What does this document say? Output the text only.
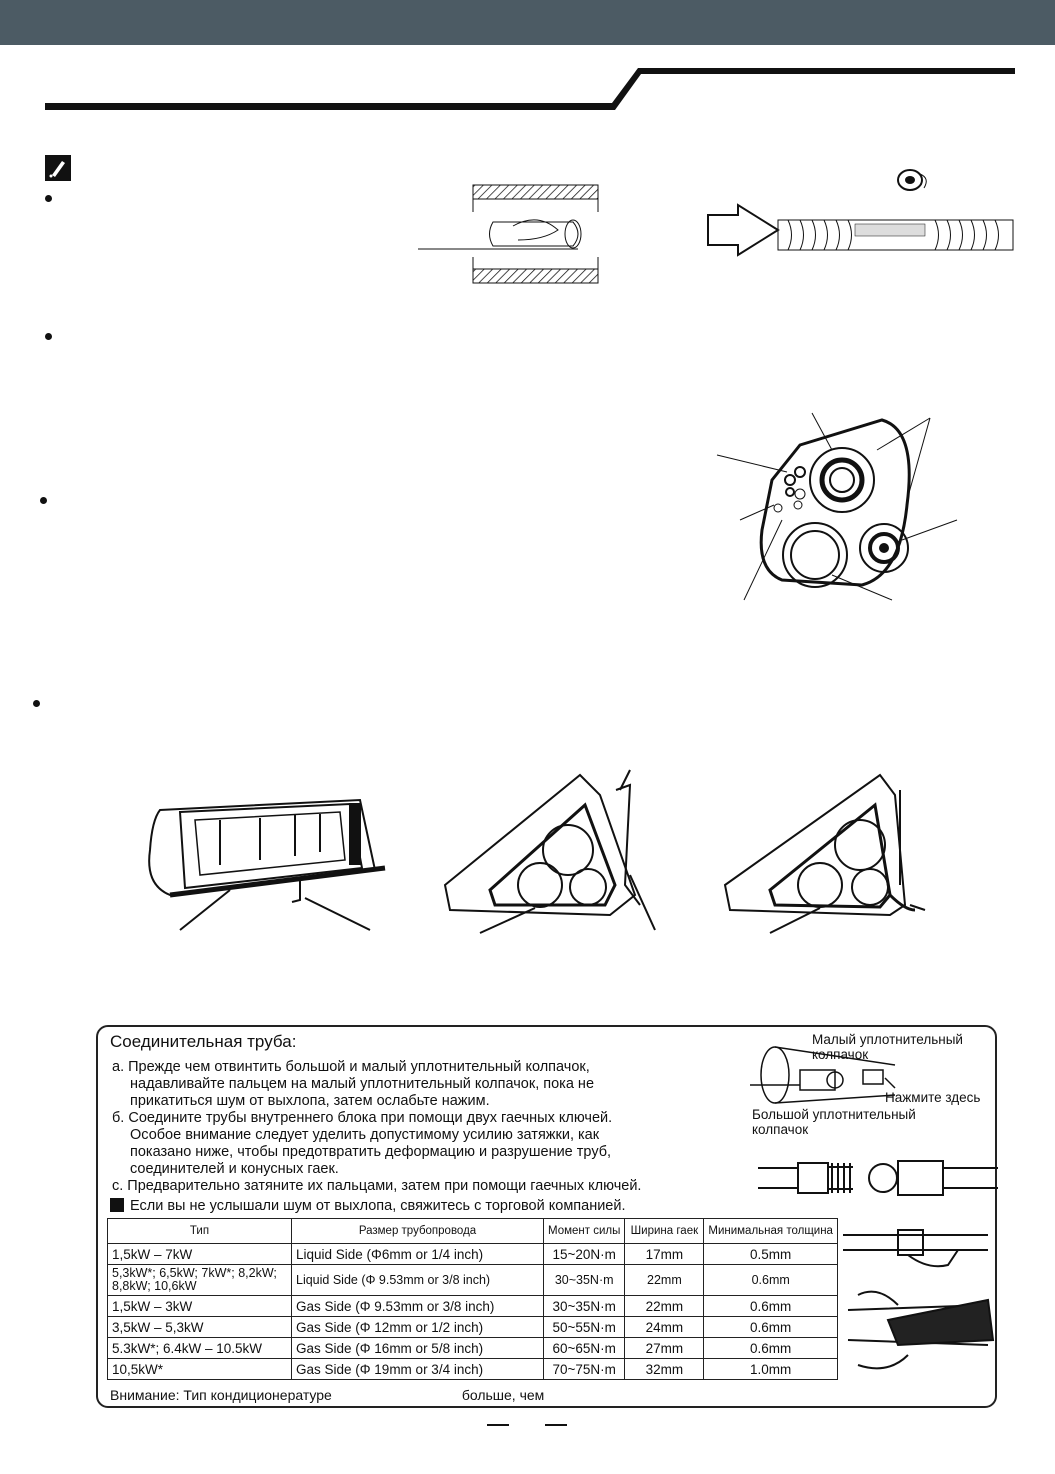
Соединительная труба:
а. Прежде чем отвинтить большой и малый уплотнительный колпачок,
надавливайте пальцем на малый уплотнительный колпачок, пока не
прикатиться шум от выхлопа, затем ослабьте нажим.
б. Соедините трубы внутреннего блока при помощи двух гаечных ключей.
Особое внимание следует уделить допустимому усилию затяжки, как
показано ниже, чтобы предотвратить деформацию и разрушение труб,
соединителей и конусных гаек.
с. Предварительно затяните их пальцами, затем при помощи гаечных ключей.
Если вы не услышали шум от выхлопа, свяжитесь с торговой компанией.
Малый уплотнительный
колпачок
Нажмите здесь
Большой уплотнительный
колпачок
Тип	Размер трубопровода	Момент силы	Ширина гаек	Минимальная толщина
1,5kW – 7kW	Liquid Side (Φ6mm or 1/4 inch)	15~20N·m	17mm	0.5mm
5,3kW*; 6,5kW; 7kW*; 8,2kW; 8,8kW; 10,6kW	Liquid Side (Φ 9.53mm or 3/8 inch)	30~35N·m	22mm	0.6mm
1,5kW – 3kW	Gas Side (Φ 9.53mm or 3/8 inch)	30~35N·m	22mm	0.6mm
3,5kW – 5,3kW	Gas Side (Φ 12mm or 1/2 inch)	50~55N·m	24mm	0.6mm
5.3kW*; 6.4kW – 10.5kW	Gas Side (Φ 16mm or 5/8 inch)	60~65N·m	27mm	0.6mm
10,5kW*	Gas Side (Φ 19mm or 3/4 inch)	70~75N·m	32mm	1.0mm
Внимание: Тип кондиционературе	больше, чем
